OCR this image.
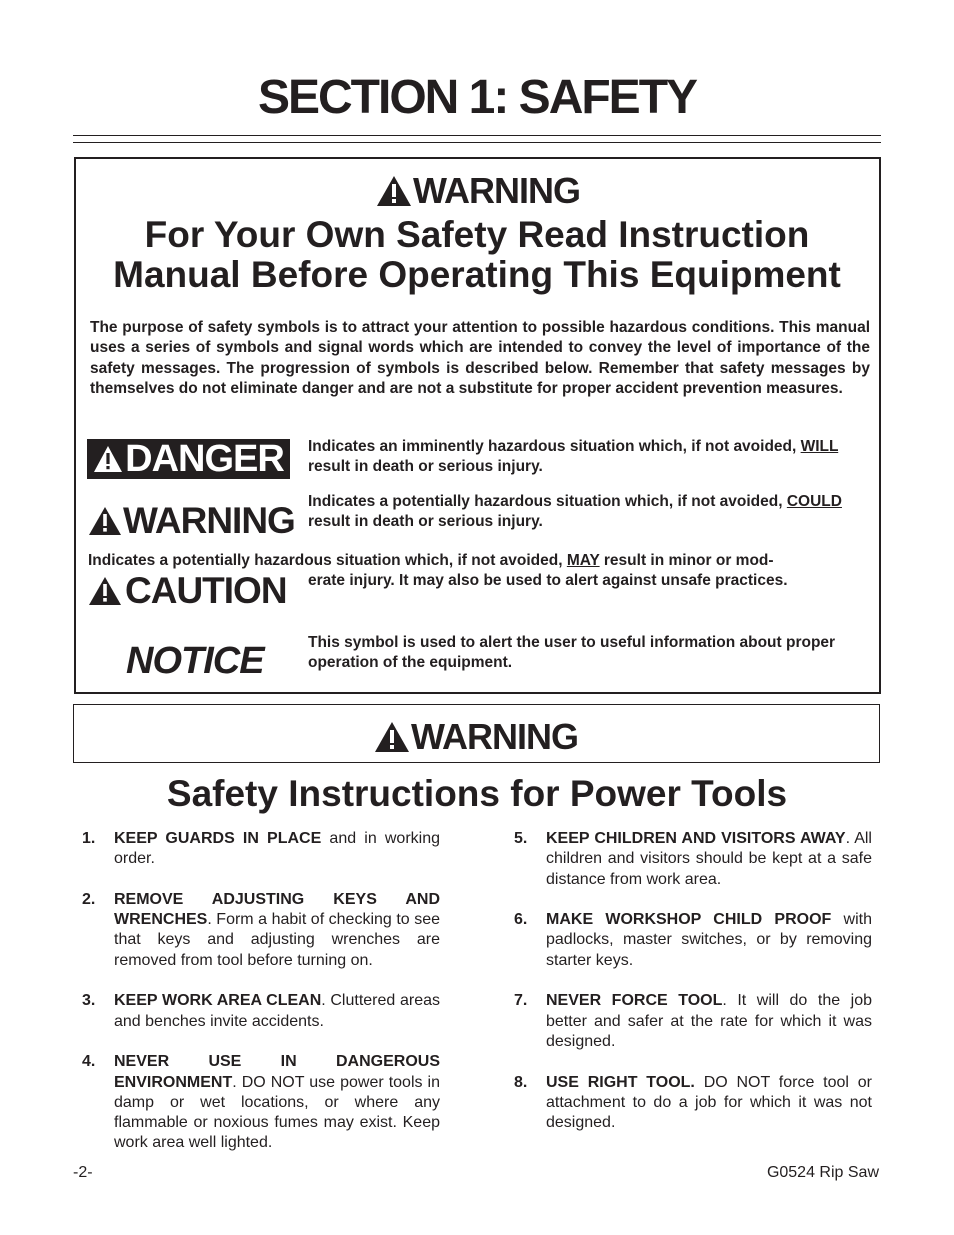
SECTION 1: SAFETY
WARNING
For Your Own Safety Read Instruction
Manual Before Operating This Equipment
The purpose of safety symbols is to attract your attention to possible hazardous conditions. This manual uses a series of symbols and signal words which are intended to convey the level of importance of the safety messages. The progression of symbols is described below. Remember that safety messages by themselves do not eliminate danger and are not a substitute for proper accident prevention measures.
DANGER Indicates an imminently hazardous situation which, if not avoided, WILL result in death or serious injury.
WARNING Indicates a potentially hazardous situation which, if not avoided, COULD result in death or serious injury.
Indicates a potentially hazardous situation which, if not avoided, MAY result in minor or mod-
CAUTION erate injury. It may also be used to alert against unsafe practices.
NOTICE	This symbol is used to alert the user to useful information about proper operation of the equipment.
WARNING
Safety Instructions for Power Tools
1. KEEP GUARDS IN PLACE and in working order.
2. REMOVE ADJUSTING KEYS AND WRENCHES. Form a habit of checking to see that keys and adjusting wrenches are removed from tool before turning on.
3. KEEP WORK AREA CLEAN. Cluttered areas and benches invite accidents.
4. NEVER USE IN DANGEROUS ENVIRONMENT. DO NOT use power tools in damp or wet locations, or where any flammable or noxious fumes may exist. Keep work area well lighted.
5. KEEP CHILDREN AND VISITORS AWAY. All children and visitors should be kept at a safe distance from work area.
6. MAKE WORKSHOP CHILD PROOF with padlocks, master switches, or by removing starter keys.
7. NEVER FORCE TOOL. It will do the job better and safer at the rate for which it was designed.
8. USE RIGHT TOOL. DO NOT force tool or attachment to do a job for which it was not designed.
-2-	G0524 Rip Saw
